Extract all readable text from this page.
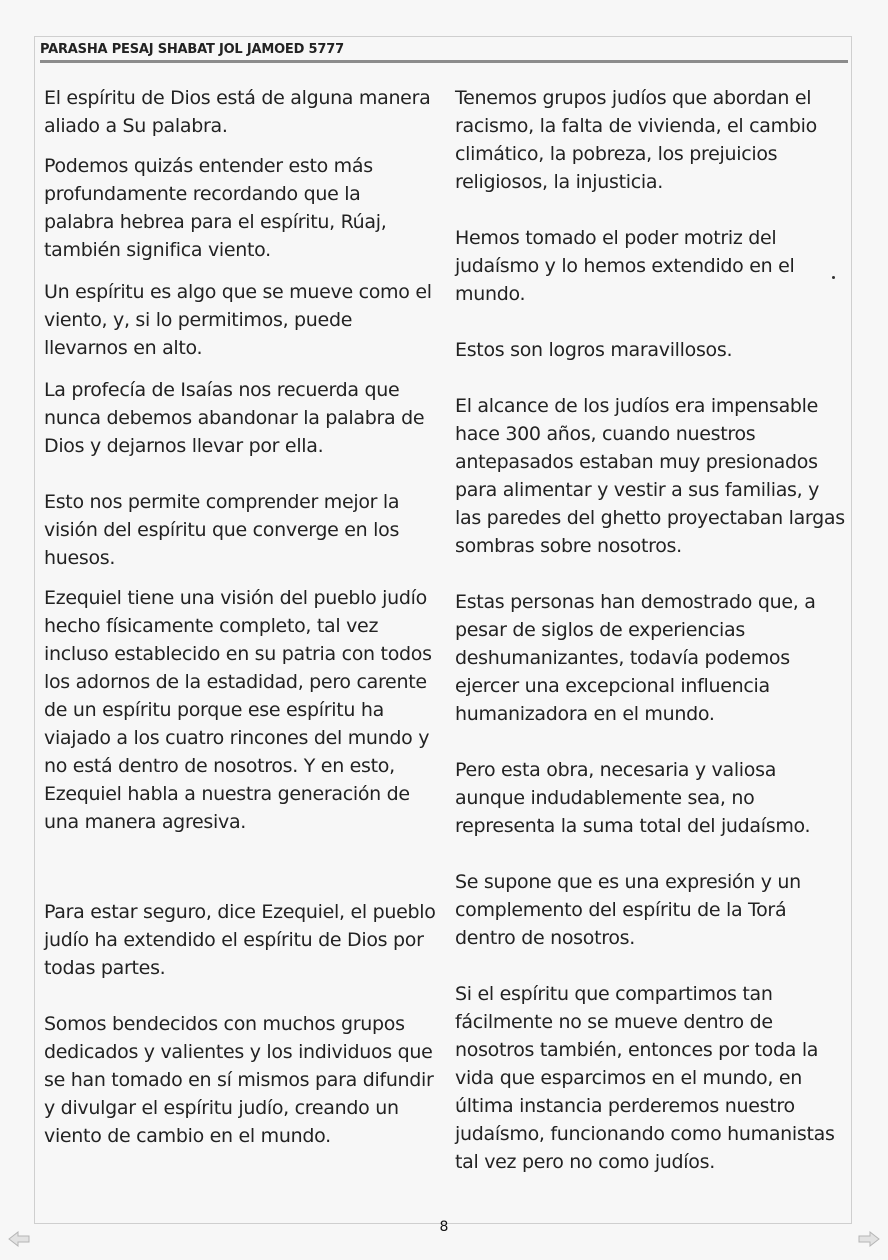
PARASHA PESAJ SHABAT JOL JAMOED 5777

El espíritu de Dios está de alguna manera aliado a Su palabra.

Podemos quizás entender esto más profundamente recordando que la palabra hebrea para el espíritu, Rúaj, también significa viento.

Un espíritu es algo que se mueve como el viento, y, si lo permitimos, puede llevarnos en alto.

La profecía de Isaías nos recuerda que nunca debemos abandonar la palabra de Dios y dejarnos llevar por ella.

Esto nos permite comprender mejor la visión del espíritu que converge en los huesos.

Ezequiel tiene una visión del pueblo judío hecho físicamente completo, tal vez incluso establecido en su patria con todos los adornos de la estadidad, pero carente de un espíritu porque ese espíritu ha viajado a los cuatro rincones del mundo y no está dentro de nosotros. Y en esto, Ezequiel habla a nuestra generación de una manera agresiva.

Para estar seguro, dice Ezequiel, el pueblo judío ha extendido el espíritu de Dios por todas partes.

Somos bendecidos con muchos grupos dedicados y valientes y los individuos que se han tomado en sí mismos para difundir y divulgar el espíritu judío, creando un viento de cambio en el mundo.

Tenemos grupos judíos que abordan el racismo, la falta de vivienda, el cambio climático, la pobreza, los prejuicios religiosos, la injusticia.

Hemos tomado el poder motriz del judaísmo y lo hemos extendido en el mundo.

Estos son logros maravillosos.

El alcance de los judíos era impensable hace 300 años, cuando nuestros antepasados estaban muy presionados para alimentar y vestir a sus familias, y las paredes del ghetto proyectaban largas sombras sobre nosotros.

Estas personas han demostrado que, a pesar de siglos de experiencias deshumanizantes, todavía podemos ejercer una excepcional influencia humanizadora en el mundo.

Pero esta obra, necesaria y valiosa aunque indudablemente sea, no representa la suma total del judaísmo.

Se supone que es una expresión y un complemento del espíritu de la Torá dentro de nosotros.

Si el espíritu que compartimos tan fácilmente no se mueve dentro de nosotros también, entonces por toda la vida que esparcimos en el mundo, en última instancia perderemos nuestro judaísmo, funcionando como humanistas tal vez pero no como judíos.

8
